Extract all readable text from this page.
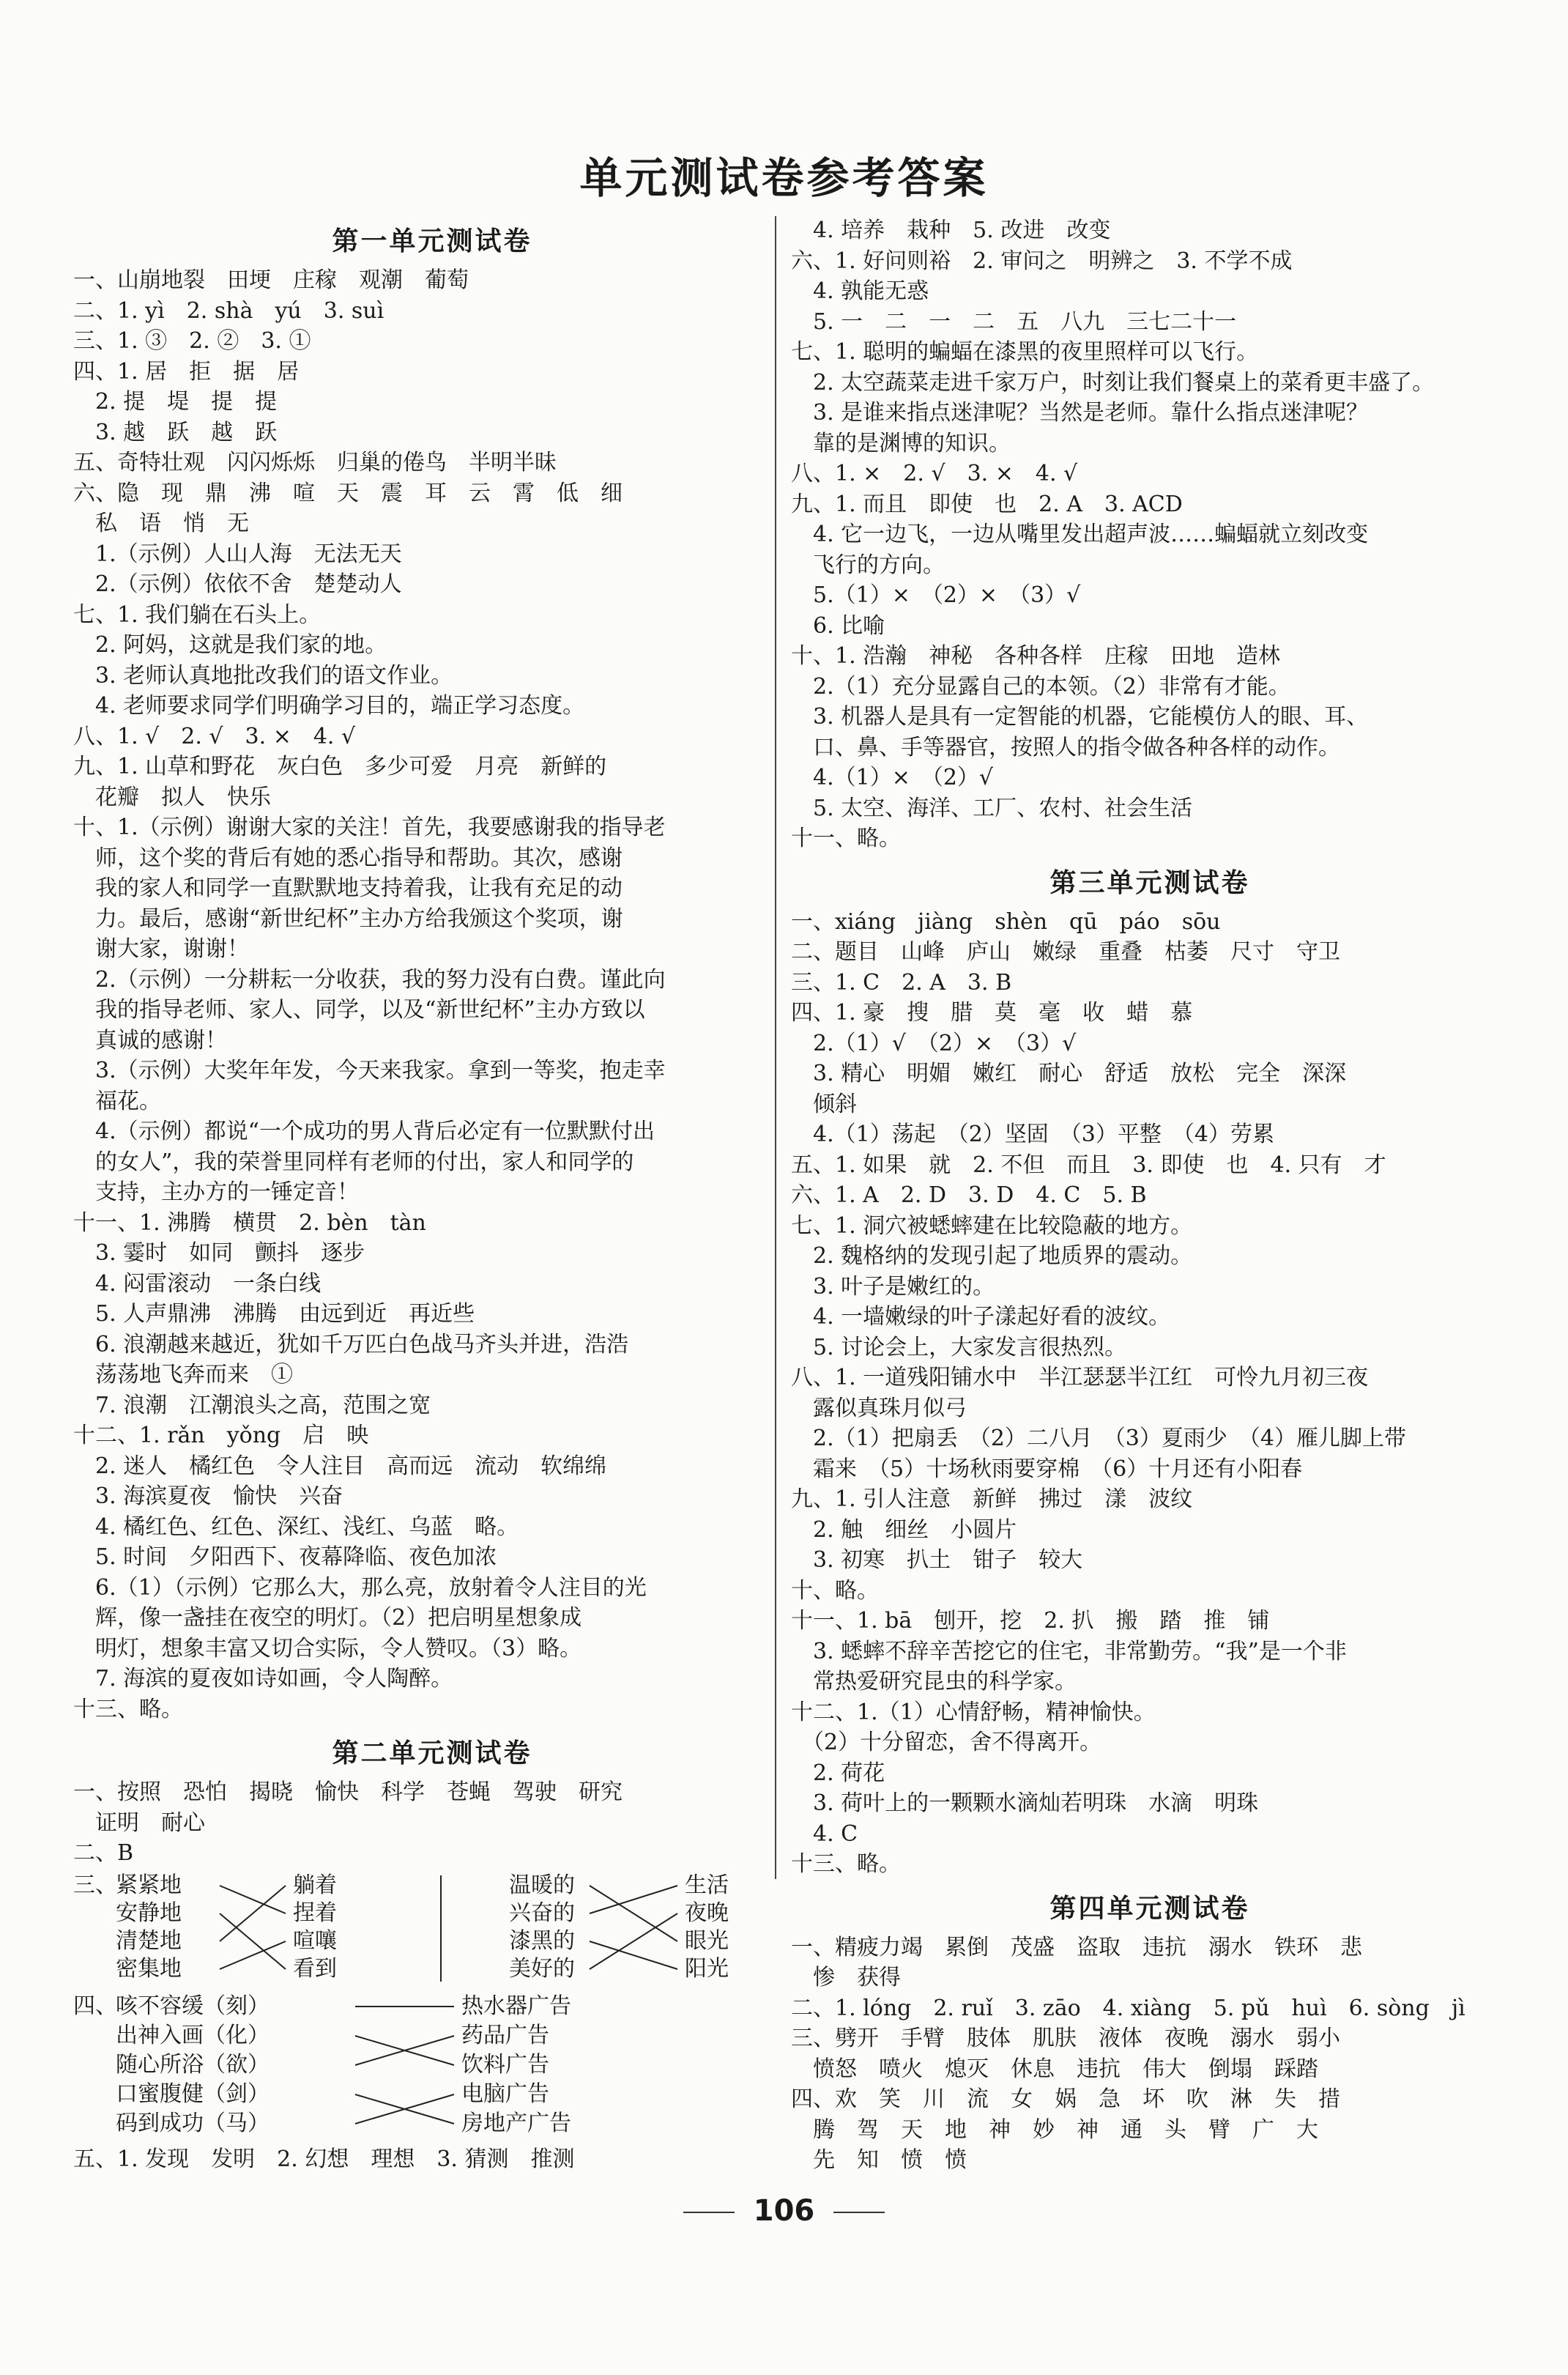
单元测试卷参考答案
第一单元测试卷
一、山崩地裂　田埂　庄稼　观潮　葡萄
二、1. yì　2. shà　yú　3. suì
三、1. ③　2. ②　3. ①
四、1. 居　拒　据　居
　2. 提　堤　提　提
　3. 越　跃　越　跃
五、奇特壮观　闪闪烁烁　归巢的倦鸟　半明半昧
六、隐　现　鼎　沸　喧　天　震　耳　云　霄　低　细
　私　语　悄　无
　1.（示例）人山人海　无法无天
　2.（示例）依依不舍　楚楚动人
七、1. 我们躺在石头上。
　2. 阿妈，这就是我们家的地。
　3. 老师认真地批改我们的语文作业。
　4. 老师要求同学们明确学习目的，端正学习态度。
八、1. √　2. √　3. ×　4. √
九、1. 山草和野花　灰白色　多少可爱　月亮　新鲜的
　花瓣　拟人　快乐
十、1.（示例）谢谢大家的关注！首先，我要感谢我的指导老
　师，这个奖的背后有她的悉心指导和帮助。其次，感谢
　我的家人和同学一直默默地支持着我，让我有充足的动
　力。最后，感谢“新世纪杯”主办方给我颁这个奖项，谢
　谢大家，谢谢！
　2.（示例）一分耕耘一分收获，我的努力没有白费。谨此向
　我的指导老师、家人、同学，以及“新世纪杯”主办方致以
　真诚的感谢！
　3.（示例）大奖年年发，今天来我家。拿到一等奖，抱走幸
　福花。
　4.（示例）都说“一个成功的男人背后必定有一位默默付出
　的女人”，我的荣誉里同样有老师的付出，家人和同学的
　支持，主办方的一锤定音！
十一、1. 沸腾　横贯　2. bèn　tàn
　3. 霎时　如同　颤抖　逐步
　4. 闷雷滚动　一条白线
　5. 人声鼎沸　沸腾　由远到近　再近些
　6. 浪潮越来越近，犹如千万匹白色战马齐头并进，浩浩
　荡荡地飞奔而来　①
　7. 浪潮　江潮浪头之高，范围之宽
十二、1. rǎn　yǒng　启　映
　2. 迷人　橘红色　令人注目　高而远　流动　软绵绵
　3. 海滨夏夜　愉快　兴奋
　4. 橘红色、红色、深红、浅红、乌蓝　略。
　5. 时间　夕阳西下、夜幕降临、夜色加浓
　6.（1）（示例）它那么大，那么亮，放射着令人注目的光
　辉，像一盏挂在夜空的明灯。（2）把启明星想象成
　明灯，想象丰富又切合实际，令人赞叹。（3）略。
　7. 海滨的夏夜如诗如画，令人陶醉。
十三、略。
第二单元测试卷
一、按照　恐怕　揭晓　愉快　科学　苍蝇　驾驶　研究
　证明　耐心
二、B
三、
紧紧地
安静地
清楚地
密集地
躺着
捏着
喧嚷
看到
温暖的
兴奋的
漆黑的
美好的
生活
夜晚
眼光
阳光
四、
咳不容缓（刻）
出神入画（化）
随心所浴（欲）
口蜜腹健（剑）
码到成功（马）
热水器广告
药品广告
饮料广告
电脑广告
房地产广告
五、1. 发现　发明　2. 幻想　理想　3. 猜测　推测
　4. 培养　栽种　5. 改进　改变
六、1. 好问则裕　2. 审问之　明辨之　3. 不学不成
　4. 孰能无惑
　5. 一　二　一　二　五　八九　三七二十一
七、1. 聪明的蝙蝠在漆黑的夜里照样可以飞行。
　2. 太空蔬菜走进千家万户，时刻让我们餐桌上的菜肴更丰盛了。
　3. 是谁来指点迷津呢？当然是老师。靠什么指点迷津呢？
　靠的是渊博的知识。
八、1. ×　2. √　3. ×　4. √
九、1. 而且　即使　也　2. A　3. ACD
　4. 它一边飞，一边从嘴里发出超声波……蝙蝠就立刻改变
　飞行的方向。
　5.（1）×　（2）×　（3）√
　6. 比喻
十、1. 浩瀚　神秘　各种各样　庄稼　田地　造林
　2.（1）充分显露自己的本领。（2）非常有才能。
　3. 机器人是具有一定智能的机器，它能模仿人的眼、耳、
　口、鼻、手等器官，按照人的指令做各种各样的动作。
　4.（1）×　（2）√
　5. 太空、海洋、工厂、农村、社会生活
十一、略。
第三单元测试卷
一、xiáng　jiàng　shèn　qū　páo　sōu
二、题目　山峰　庐山　嫩绿　重叠　枯萎　尺寸　守卫
三、1. C　2. A　3. B
四、1. 豪　搜　腊　莫　毫　收　蜡　慕
　2.（1）√　（2）×　（3）√
　3. 精心　明媚　嫩红　耐心　舒适　放松　完全　深深
　倾斜
　4.（1）荡起　（2）坚固　（3）平整　（4）劳累
五、1. 如果　就　2. 不但　而且　3. 即使　也　4. 只有　才
六、1. A　2. D　3. D　4. C　5. B
七、1. 洞穴被蟋蟀建在比较隐蔽的地方。
　2. 魏格纳的发现引起了地质界的震动。
　3. 叶子是嫩红的。
　4. 一墙嫩绿的叶子漾起好看的波纹。
　5. 讨论会上，大家发言很热烈。
八、1. 一道残阳铺水中　半江瑟瑟半江红　可怜九月初三夜
　露似真珠月似弓
　2.（1）把扇丢　（2）二八月　（3）夏雨少　（4）雁儿脚上带
　霜来　（5）十场秋雨要穿棉　（6）十月还有小阳春
九、1. 引人注意　新鲜　拂过　漾　波纹
　2. 触　细丝　小圆片
　3. 初寒　扒土　钳子　较大
十、略。
十一、1. bā　刨开，挖　2. 扒　搬　踏　推　铺
　3. 蟋蟀不辞辛苦挖它的住宅，非常勤劳。“我”是一个非
　常热爱研究昆虫的科学家。
十二、1.（1）心情舒畅，精神愉快。
　（2）十分留恋，舍不得离开。
　2. 荷花
　3. 荷叶上的一颗颗水滴灿若明珠　水滴　明珠
　4. C
十三、略。
第四单元测试卷
一、精疲力竭　累倒　茂盛　盗取　违抗　溺水　铁环　悲
　惨　获得
二、1. lóng　2. ruǐ　3. zāo　4. xiàng　5. pǔ　huì　6. sòng　jì
三、劈开　手臂　肢体　肌肤　液体　夜晚　溺水　弱小
　愤怒　喷火　熄灭　休息　违抗　伟大　倒塌　踩踏
四、欢　笑　川　流　女　娲　急　坏　吹　淋　失　措
　腾　驾　天　地　神　妙　神　通　头　臂　广　大
　先　知　愤　愤
106
